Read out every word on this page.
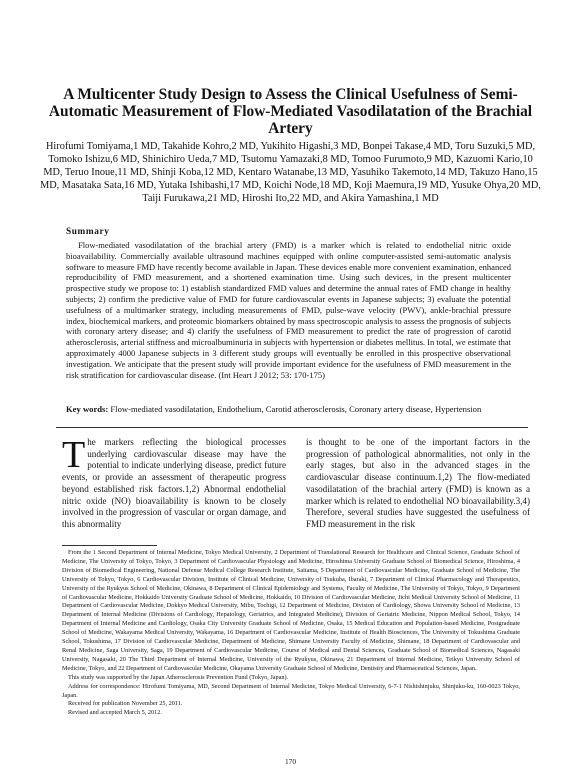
A Multicenter Study Design to Assess the Clinical Usefulness of Semi-Automatic Measurement of Flow-Mediated Vasodilatation of the Brachial Artery
Hirofumi Tomiyama,1 MD, Takahide Kohro,2 MD, Yukihito Higashi,3 MD, Bonpei Takase,4 MD, Toru Suzuki,5 MD, Tomoko Ishizu,6 MD, Shinichiro Ueda,7 MD, Tsutomu Yamazaki,8 MD, Tomoo Furumoto,9 MD, Kazuomi Kario,10 MD, Teruo Inoue,11 MD, Shinji Koba,12 MD, Kentaro Watanabe,13 MD, Yasuhiko Takemoto,14 MD, Takuzo Hano,15 MD, Masataka Sata,16 MD, Yutaka Ishibashi,17 MD, Koichi Node,18 MD, Koji Maemura,19 MD, Yusuke Ohya,20 MD, Taiji Furukawa,21 MD, Hiroshi Ito,22 MD, and Akira Yamashina,1 MD
Summary

Flow-mediated vasodilatation of the brachial artery (FMD) is a marker which is related to endothelial nitric oxide bioavailability. Commercially available ultrasound machines equipped with online computer-assisted semi-automatic analysis software to measure FMD have recently become available in Japan. These devices enable more convenient examination, enhanced reproducibility of FMD measurement, and a shortened examination time. Using such devices, in the present multicenter prospective study we propose to: 1) establish standardized FMD values and determine the annual rates of FMD change in healthy subjects; 2) confirm the predictive value of FMD for future cardiovascular events in Japanese subjects; 3) evaluate the potential usefulness of a multimarker strategy, including measurements of FMD, pulse-wave velocity (PWV), ankle-brachial pressure index, biochemical markers, and proteomic biomarkers obtained by mass spectroscopic analysis to assess the prognosis of subjects with coronary artery disease; and 4) clarify the usefulness of FMD measurement to predict the rate of progression of carotid atherosclerosis, arterial stiffness and microalbuminuria in subjects with hypertension or diabetes mellitus. In total, we estimate that approximately 4000 Japanese subjects in 3 different study groups will eventually be enrolled in this prospective observational investigation. We anticipate that the present study will provide important evidence for the usefulness of FMD measurement in the risk stratification for cardiovascular disease. (Int Heart J 2012; 53: 170-175)

Key words: Flow-mediated vasodilatation, Endothelium, Carotid atherosclerosis, Coronary artery disease, Hypertension

The markers reflecting the biological processes underlying cardiovascular disease may have the potential to indicate underlying disease, predict future events, or provide an assessment of therapeutic progress beyond established risk factors.1,2) Abnormal endothelial nitric oxide (NO) bioavailability is known to be closely involved in the progression of vascular or organ damage, and this abnormality

is thought to be one of the important factors in the progression of pathological abnormalities, not only in the early stages, but also in the advanced stages in the cardiovascular disease continuum.1,2) The flow-mediated vasodilatation of the brachial artery (FMD) is known as a marker which is related to endothelial NO bioavailability.3,4) Therefore, several studies have suggested the usefulness of FMD measurement in the risk

From the 1 Second Department of Internal Medicine, Tokyo Medical University, 2 Department of Translational Research for Healthcare and Clinical Science, Graduate School of Medicine, The University of Tokyo, Tokyo, 3 Department of Cardiovascular Physiology and Medicine, Hiroshima University Graduate School of Biomedical Science, Hiroshima, 4 Division of Biomedical Engineering, National Defense Medical College Research Institute, Saitama, 5 Department of Cardiovascular Medicine, Graduate School of Medicine, The University of Tokyo, Tokyo, 6 Cardiovascular Division, Institute of Clinical Medicine, University of Tsukuba, Ibaraki, 7 Department of Clinical Pharmacology and Therapeutics, University of the Ryukyus School of Medicine, Okinawa, 8 Department of Clinical Epidemiology and Systems, Faculty of Medicine, The University of Tokyo, Tokyo, 9 Department of Cardiovascular Medicine, Hokkaido University Graduate School of Medicine, Hokkaido, 10 Division of Cardiovascular Medicine, Jichi Medical University School of Medicine, 11 Department of Cardiovascular Medicine, Dokkyo Medical University, Mibu, Tochigi, 12 Department of Medicine, Division of Cardiology, Showa University School of Medicine, 13 Department of Internal Medicine (Divisions of Cardiology, Hepatology, Geriatrics, and Integrated Medicine), Division of Geriatric Medicine, Nippon Medical School, Tokyo, 14 Department of Internal Medicine and Cardiology, Osaka City University Graduate School of Medicine, Osaka, 15 Medical Education and Population-based Medicine, Postgraduate School of Medicine, Wakayama Medical University, Wakayama, 16 Department of Cardiovascular Medicine, Institute of Health Biosciences, The University of Tokushima Graduate School, Tokushima, 17 Division of Cardiovascular Medicine, Department of Medicine, Shimane University Faculty of Medicine, Shimane, 18 Department of Cardiovascular and Renal Medicine, Saga University, Saga, 19 Department of Cardiovascular Medicine, Course of Medical and Dental Sciences, Graduate School of Biomedical Sciences, Nagasaki University, Nagasaki, 20 The Third Department of Internal Medicine, University of the Ryukyus, Okinawa, 21 Department of Internal Medicine, Teikyo University School of Medicine, Tokyo, and 22 Department of Cardiovascular Medicine, Okayama University Graduate School of Medicine, Dentistry and Pharmaceutical Sciences, Japan.

This study was supported by the Japan Atherosclerosis Prevention Fund (Tokyo, Japan).

Address for correspondence: Hirofumi Tomiyama, MD, Second Department of Internal Medicine, Tokyo Medical University, 6-7-1 Nishishinjuku, Shinjuku-ku, 160-0023 Tokyo, Japan.

Received for publication November 25, 2011.

Revised and accepted March 5, 2012.

170
